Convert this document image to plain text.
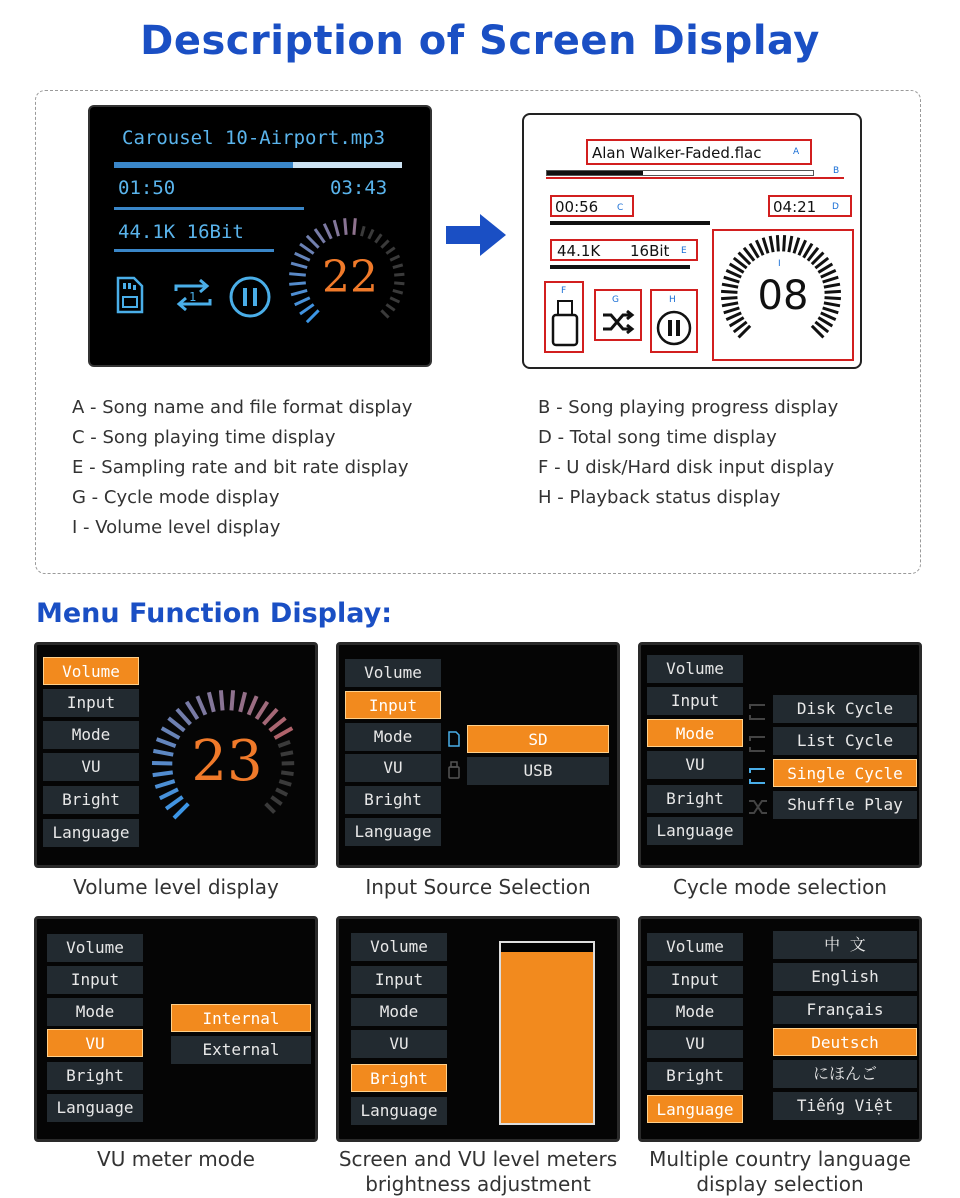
Description of Screen Display
Carousel 10-Airport.mp3
01:50	03:43
44.1K 16Bit
1	22
Alan Walker-Faded.flac	A
B
00:56 C	04:21 D
44.1K 16Bit E
F
G	H
I
08
A - Song name and file format display	B - Song playing progress display
C - Song playing time display	D - Total song time display
E - Sampling rate and bit rate display	F - U disk/Hard disk input display
G - Cycle mode display	H - Playback status display
I - Volume level display
Menu Function Display:
Volume
Input
Mode
VU
Bright
Language
23
Volume level display
Volume
Input
Mode
VU
Bright
Language
SD
USB
Input Source Selection
Volume
Input
Mode
VU
Bright
Language
Disk Cycle
List Cycle
Single Cycle
Shuffle Play
Cycle mode selection
Volume
Input
Mode
VU
Bright
Language
Internal
External
VU meter mode
Volume
Input
Mode
VU
Bright
Language
Screen and VU level meters
brightness adjustment
Volume
Input
Mode
VU
Bright
Language
中 文
English
Français
Deutsch
にほんご
Tiếng Việt
Multiple country language
display selection
